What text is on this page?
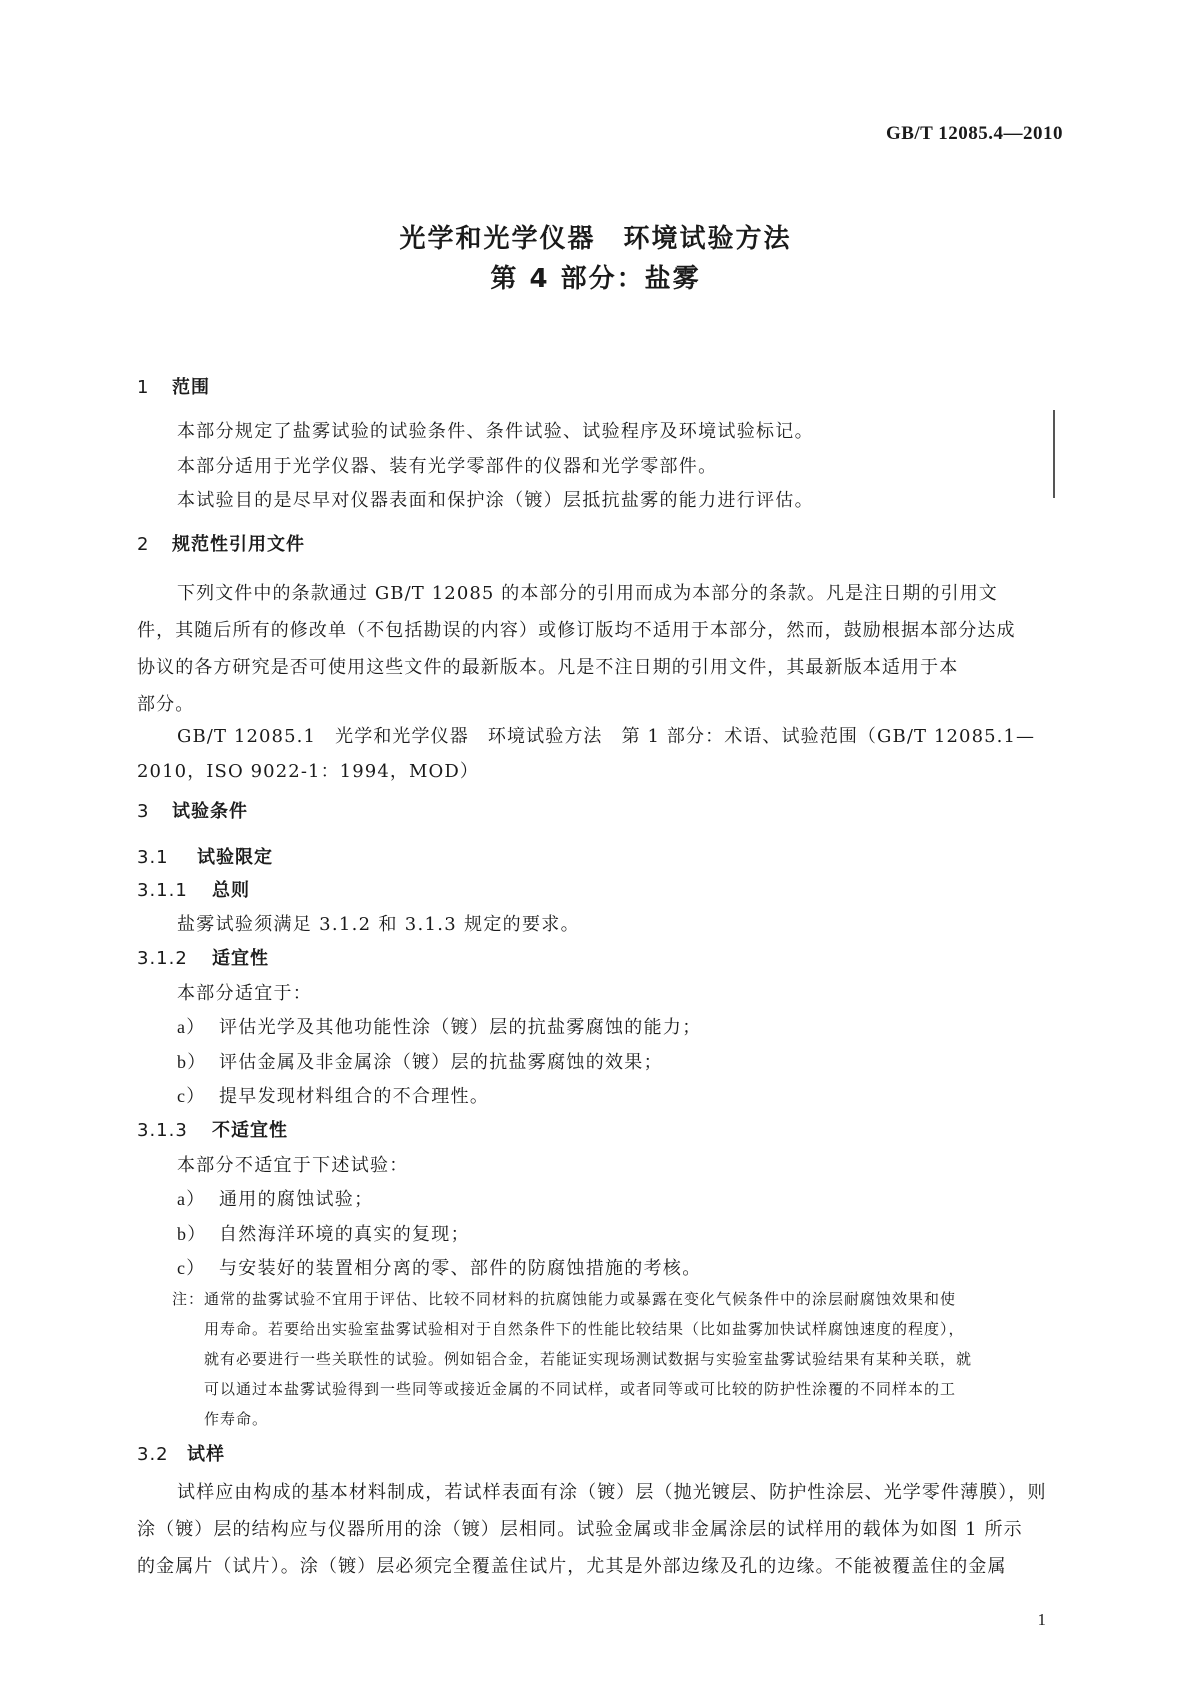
GB/T 12085.4—2010
光学和光学仪器　环境试验方法
第 4 部分：盐雾
1 范围
本部分规定了盐雾试验的试验条件、条件试验、试验程序及环境试验标记。
本部分适用于光学仪器、装有光学零部件的仪器和光学零部件。
本试验目的是尽早对仪器表面和保护涂（镀）层抵抗盐雾的能力进行评估。
2 规范性引用文件
下列文件中的条款通过 GB/T 12085 的本部分的引用而成为本部分的条款。凡是注日期的引用文
件，其随后所有的修改单（不包括勘误的内容）或修订版均不适用于本部分，然而，鼓励根据本部分达成
协议的各方研究是否可使用这些文件的最新版本。凡是不注日期的引用文件，其最新版本适用于本
部分。
GB/T 12085.1　光学和光学仪器　环境试验方法　第 1 部分：术语、试验范围（GB/T 12085.1—
2010，ISO 9022-1：1994，MOD）
3 试验条件
3.1 试验限定
3.1.1 总则
盐雾试验须满足 3.1.2 和 3.1.3 规定的要求。
3.1.2 适宜性
本部分适宜于：
a） 评估光学及其他功能性涂（镀）层的抗盐雾腐蚀的能力；
b） 评估金属及非金属涂（镀）层的抗盐雾腐蚀的效果；
c） 提早发现材料组合的不合理性。
3.1.3 不适宜性
本部分不适宜于下述试验：
a） 通用的腐蚀试验；
b） 自然海洋环境的真实的复现；
c） 与安装好的装置相分离的零、部件的防腐蚀措施的考核。
注： 通常的盐雾试验不宜用于评估、比较不同材料的抗腐蚀能力或暴露在变化气候条件中的涂层耐腐蚀效果和使
用寿命。若要给出实验室盐雾试验相对于自然条件下的性能比较结果（比如盐雾加快试样腐蚀速度的程度），
就有必要进行一些关联性的试验。例如铝合金，若能证实现场测试数据与实验室盐雾试验结果有某种关联，就
可以通过本盐雾试验得到一些同等或接近金属的不同试样，或者同等或可比较的防护性涂覆的不同样本的工
作寿命。
3.2 试样
试样应由构成的基本材料制成，若试样表面有涂（镀）层（抛光镀层、防护性涂层、光学零件薄膜），则
涂（镀）层的结构应与仪器所用的涂（镀）层相同。试验金属或非金属涂层的试样用的载体为如图 1 所示
的金属片（试片）。涂（镀）层必须完全覆盖住试片，尤其是外部边缘及孔的边缘。不能被覆盖住的金属
1
